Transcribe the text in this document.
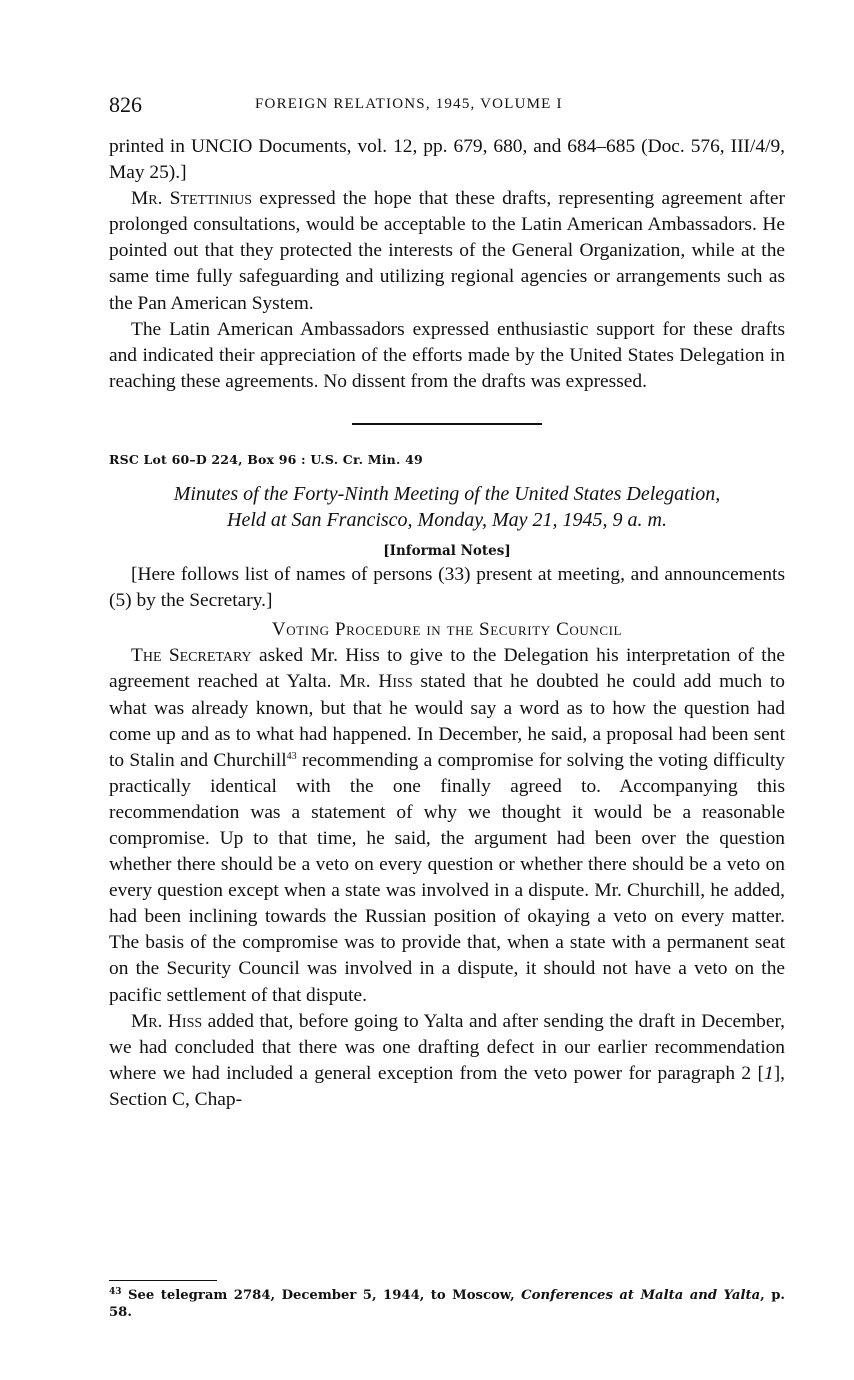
826	FOREIGN RELATIONS, 1945, VOLUME I

printed in UNCIO Documents, vol. 12, pp. 679, 680, and 684–685 (Doc. 576, III/4/9, May 25).]

Mr. Stettinius expressed the hope that these drafts, representing agreement after prolonged consultations, would be acceptable to the Latin American Ambassadors. He pointed out that they protected the interests of the General Organization, while at the same time fully safeguarding and utilizing regional agencies or arrangements such as the Pan American System.

The Latin American Ambassadors expressed enthusiastic support for these drafts and indicated their appreciation of the efforts made by the United States Delegation in reaching these agreements. No dissent from the drafts was expressed.

RSC Lot 60–D 224, Box 96 : U.S. Cr. Min. 49
Minutes of the Forty-Ninth Meeting of the United States Delegation,
Held at San Francisco, Monday, May 21, 1945, 9 a. m.
[Informal Notes]

[Here follows list of names of persons (33) present at meeting, and announcements (5) by the Secretary.]

Voting Procedure in the Security Council

The Secretary asked Mr. Hiss to give to the Delegation his interpretation of the agreement reached at Yalta. Mr. Hiss stated that he doubted he could add much to what was already known, but that he would say a word as to how the question had come up and as to what had happened. In December, he said, a proposal had been sent to Stalin and Churchill$^{43}$ recommending a compromise for solving the voting difficulty practically identical with the one finally agreed to. Accompanying this recommendation was a statement of why we thought it would be a reasonable compromise. Up to that time, he said, the argument had been over the question whether there should be a veto on every question or whether there should be a veto on every question except when a state was involved in a dispute. Mr. Churchill, he added, had been inclining towards the Russian position of okaying a veto on every matter. The basis of the compromise was to provide that, when a state with a permanent seat on the Security Council was involved in a dispute, it should not have a veto on the pacific settlement of that dispute.

Mr. Hiss added that, before going to Yalta and after sending the draft in December, we had concluded that there was one drafting defect in our earlier recommendation where we had included a general exception from the veto power for paragraph 2 [1], Section C, Chap-

$^{43}$ See telegram 2784, December 5, 1944, to Moscow, Conferences at Malta and Yalta, p. 58.
